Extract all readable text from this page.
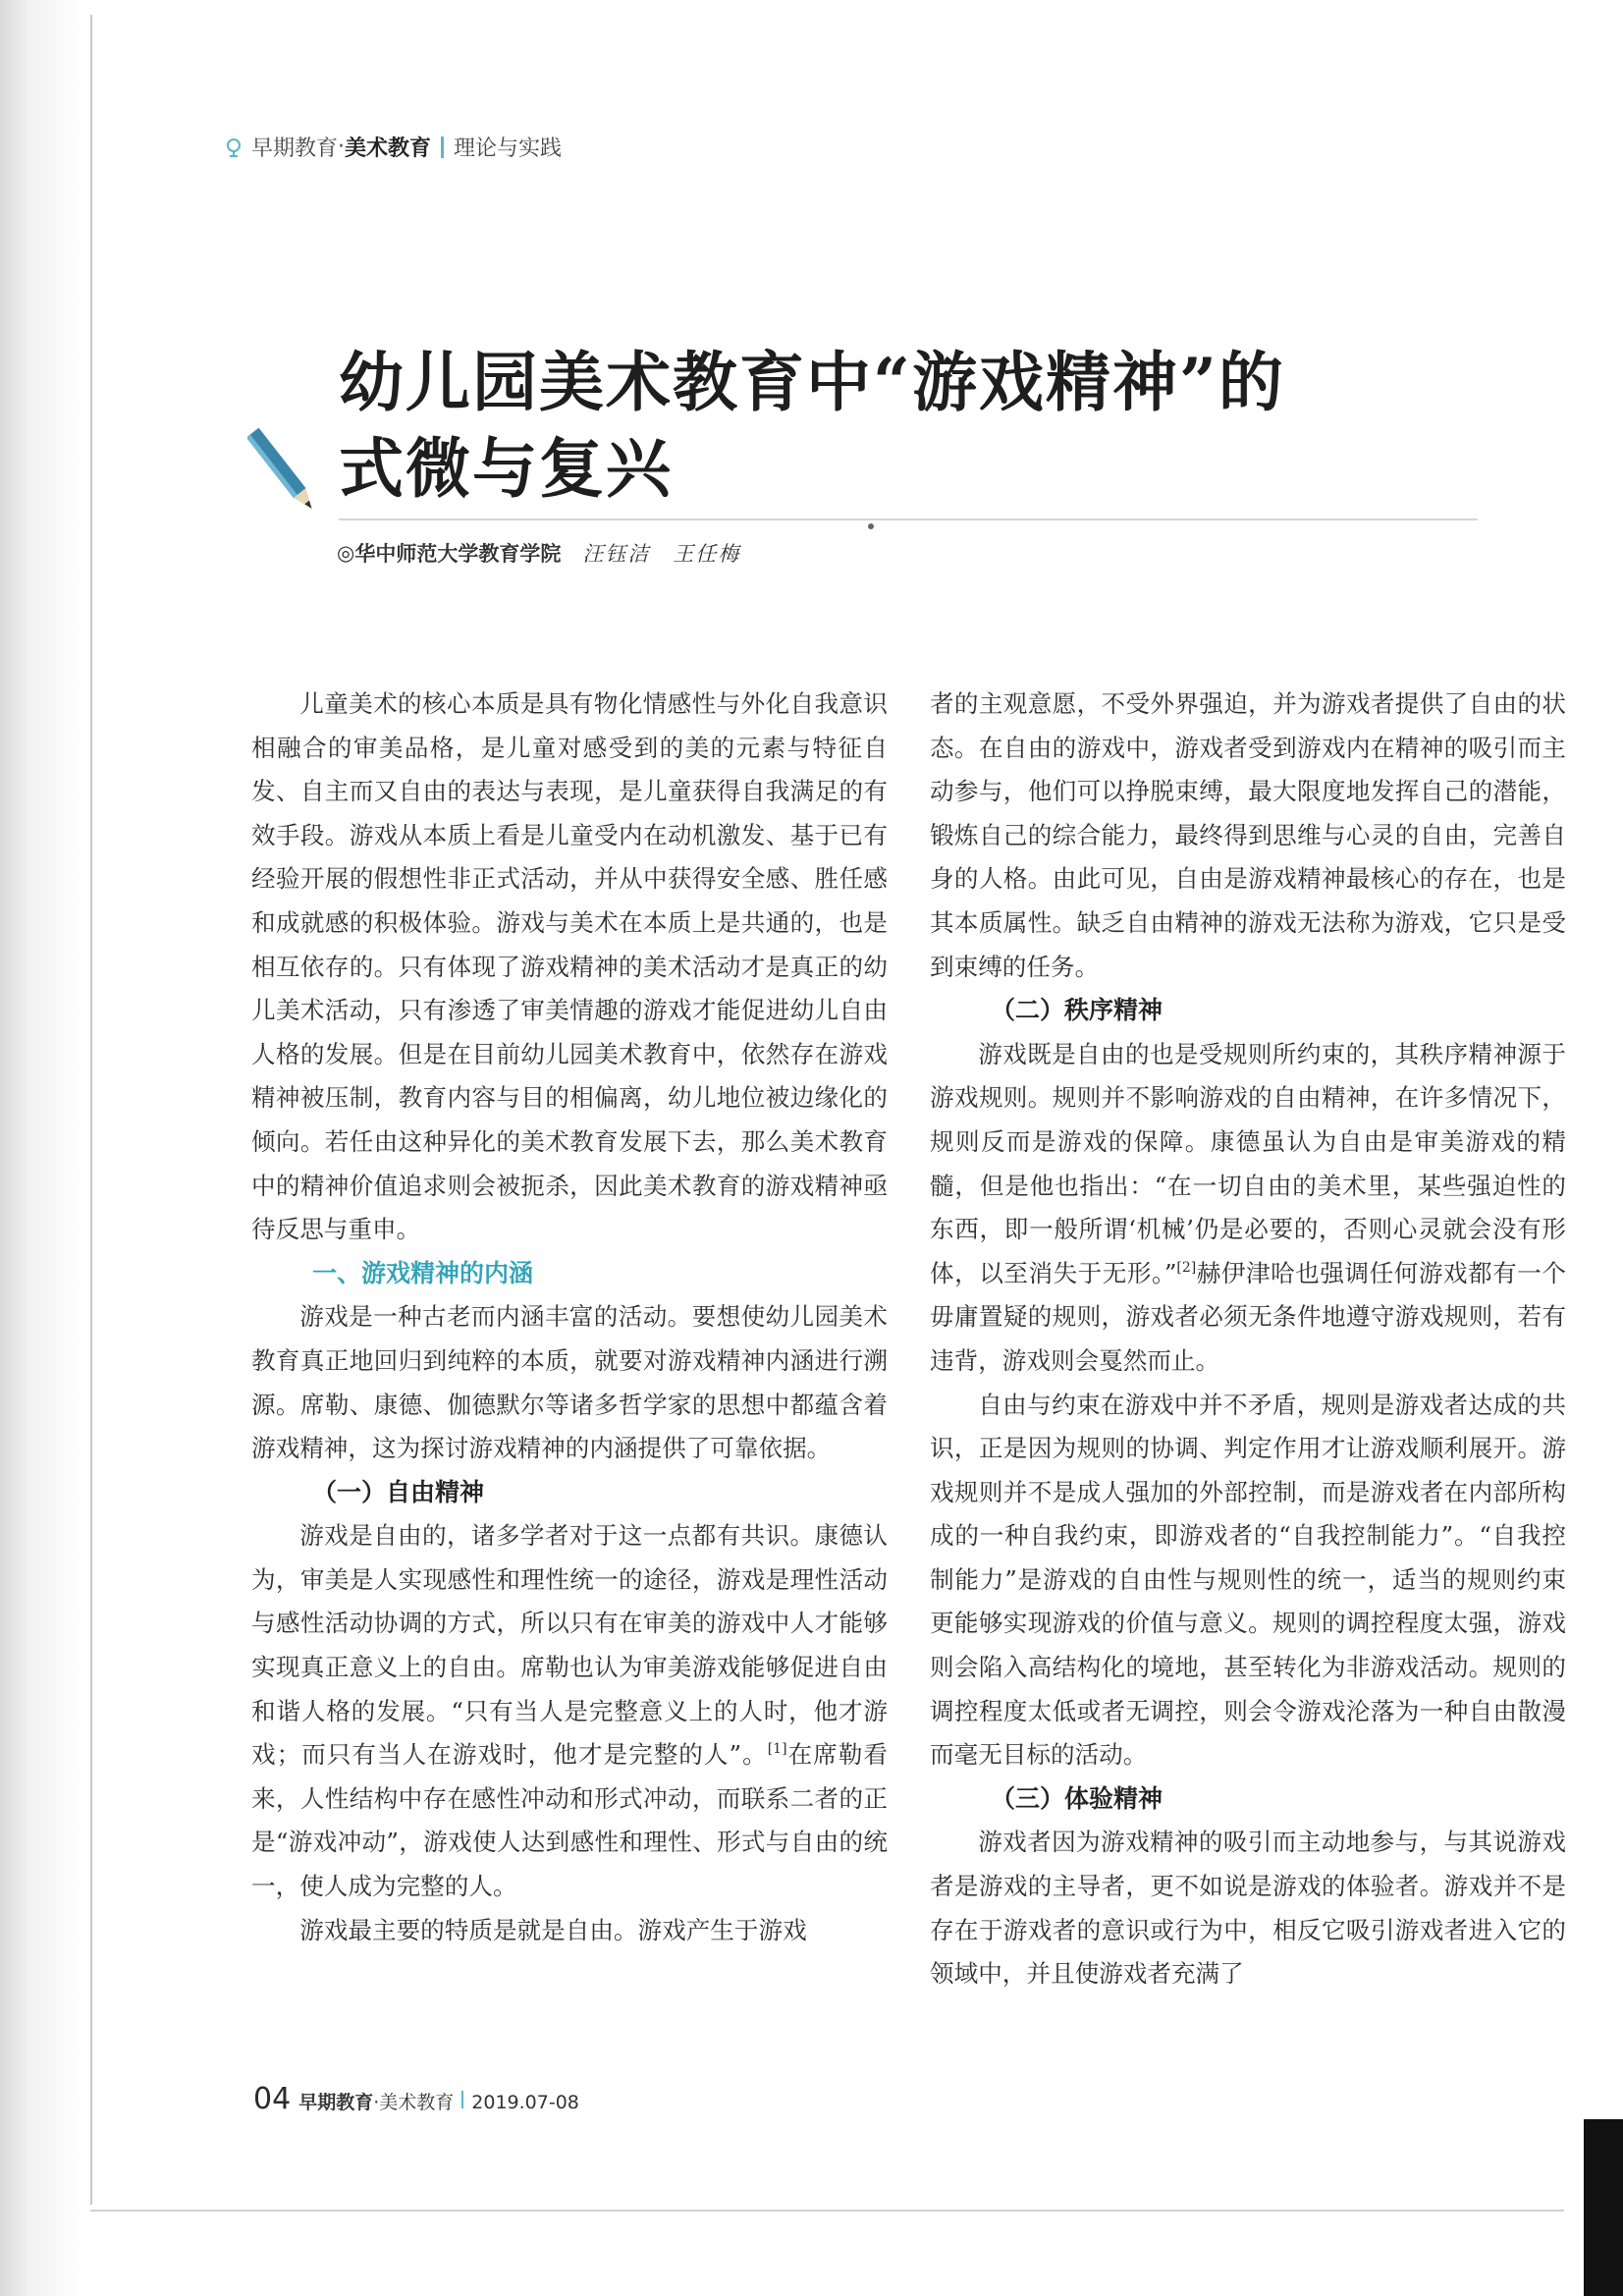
早期教育 · 美术教育 理论与实践
幼儿园美术教育中“游戏精神”的
式微与复兴
◎ 华中师范大学教育学院 汪钰洁　王任梅

儿童美术的核心本质是具有物化情感性与外化自我意识相融合的审美品格，是儿童对感受到的美的元素与特征自发、自主而又自由的表达与表现，是儿童获得自我满足的有效手段。游戏从本质上看是儿童受内在动机激发、基于已有经验开展的假想性非正式活动，并从中获得安全感、胜任感和成就感的积极体验。游戏与美术在本质上是共通的，也是相互依存的。只有体现了游戏精神的美术活动才是真正的幼儿美术活动，只有渗透了审美情趣的游戏才能促进幼儿自由人格的发展。但是在目前幼儿园美术教育中，依然存在游戏精神被压制，教育内容与目的相偏离，幼儿地位被边缘化的倾向。若任由这种异化的美术教育发展下去，那么美术教育中的精神价值追求则会被扼杀，因此美术教育的游戏精神亟待反思与重申。

一、游戏精神的内涵

游戏是一种古老而内涵丰富的活动。要想使幼儿园美术教育真正地回归到纯粹的本质，就要对游戏精神内涵进行溯源。席勒、康德、伽德默尔等诸多哲学家的思想中都蕴含着游戏精神，这为探讨游戏精神的内涵提供了可靠依据。

（一）自由精神

游戏是自由的，诸多学者对于这一点都有共识。康德认为，审美是人实现感性和理性统一的途径，游戏是理性活动与感性活动协调的方式，所以只有在审美的游戏中人才能够实现真正意义上的自由。席勒也认为审美游戏能够促进自由和谐人格的发展。“只有当人是完整意义上的人时，他才游戏；而只有当人在游戏时，他才是完整的人”。[1]在席勒看来，人性结构中存在感性冲动和形式冲动，而联系二者的正是“游戏冲动”，游戏使人达到感性和理性、形式与自由的统一，使人成为完整的人。

游戏最主要的特质是就是自由。游戏产生于游戏

者的主观意愿，不受外界强迫，并为游戏者提供了自由的状态。在自由的游戏中，游戏者受到游戏内在精神的吸引而主动参与，他们可以挣脱束缚，最大限度地发挥自己的潜能，锻炼自己的综合能力，最终得到思维与心灵的自由，完善自身的人格。由此可见，自由是游戏精神最核心的存在，也是其本质属性。缺乏自由精神的游戏无法称为游戏，它只是受到束缚的任务。

（二）秩序精神

游戏既是自由的也是受规则所约束的，其秩序精神源于游戏规则。规则并不影响游戏的自由精神，在许多情况下，规则反而是游戏的保障。康德虽认为自由是审美游戏的精髓，但是他也指出：“在一切自由的美术里，某些强迫性的东西，即一般所谓‘机械’仍是必要的，否则心灵就会没有形体，以至消失于无形。”[2]赫伊津哈也强调任何游戏都有一个毋庸置疑的规则，游戏者必须无条件地遵守游戏规则，若有违背，游戏则会戛然而止。

自由与约束在游戏中并不矛盾，规则是游戏者达成的共识，正是因为规则的协调、判定作用才让游戏顺利展开。游戏规则并不是成人强加的外部控制，而是游戏者在内部所构成的一种自我约束，即游戏者的“自我控制能力”。“自我控制能力”是游戏的自由性与规则性的统一，适当的规则约束更能够实现游戏的价值与意义。规则的调控程度太强，游戏则会陷入高结构化的境地，甚至转化为非游戏活动。规则的调控程度太低或者无调控，则会令游戏沦落为一种自由散漫而毫无目标的活动。

（三）体验精神

游戏者因为游戏精神的吸引而主动地参与，与其说游戏者是游戏的主导者，更不如说是游戏的体验者。游戏并不是存在于游戏者的意识或行为中，相反它吸引游戏者进入它的领域中，并且使游戏者充满了

04 早期教育 · 美术教育 2019.07-08
